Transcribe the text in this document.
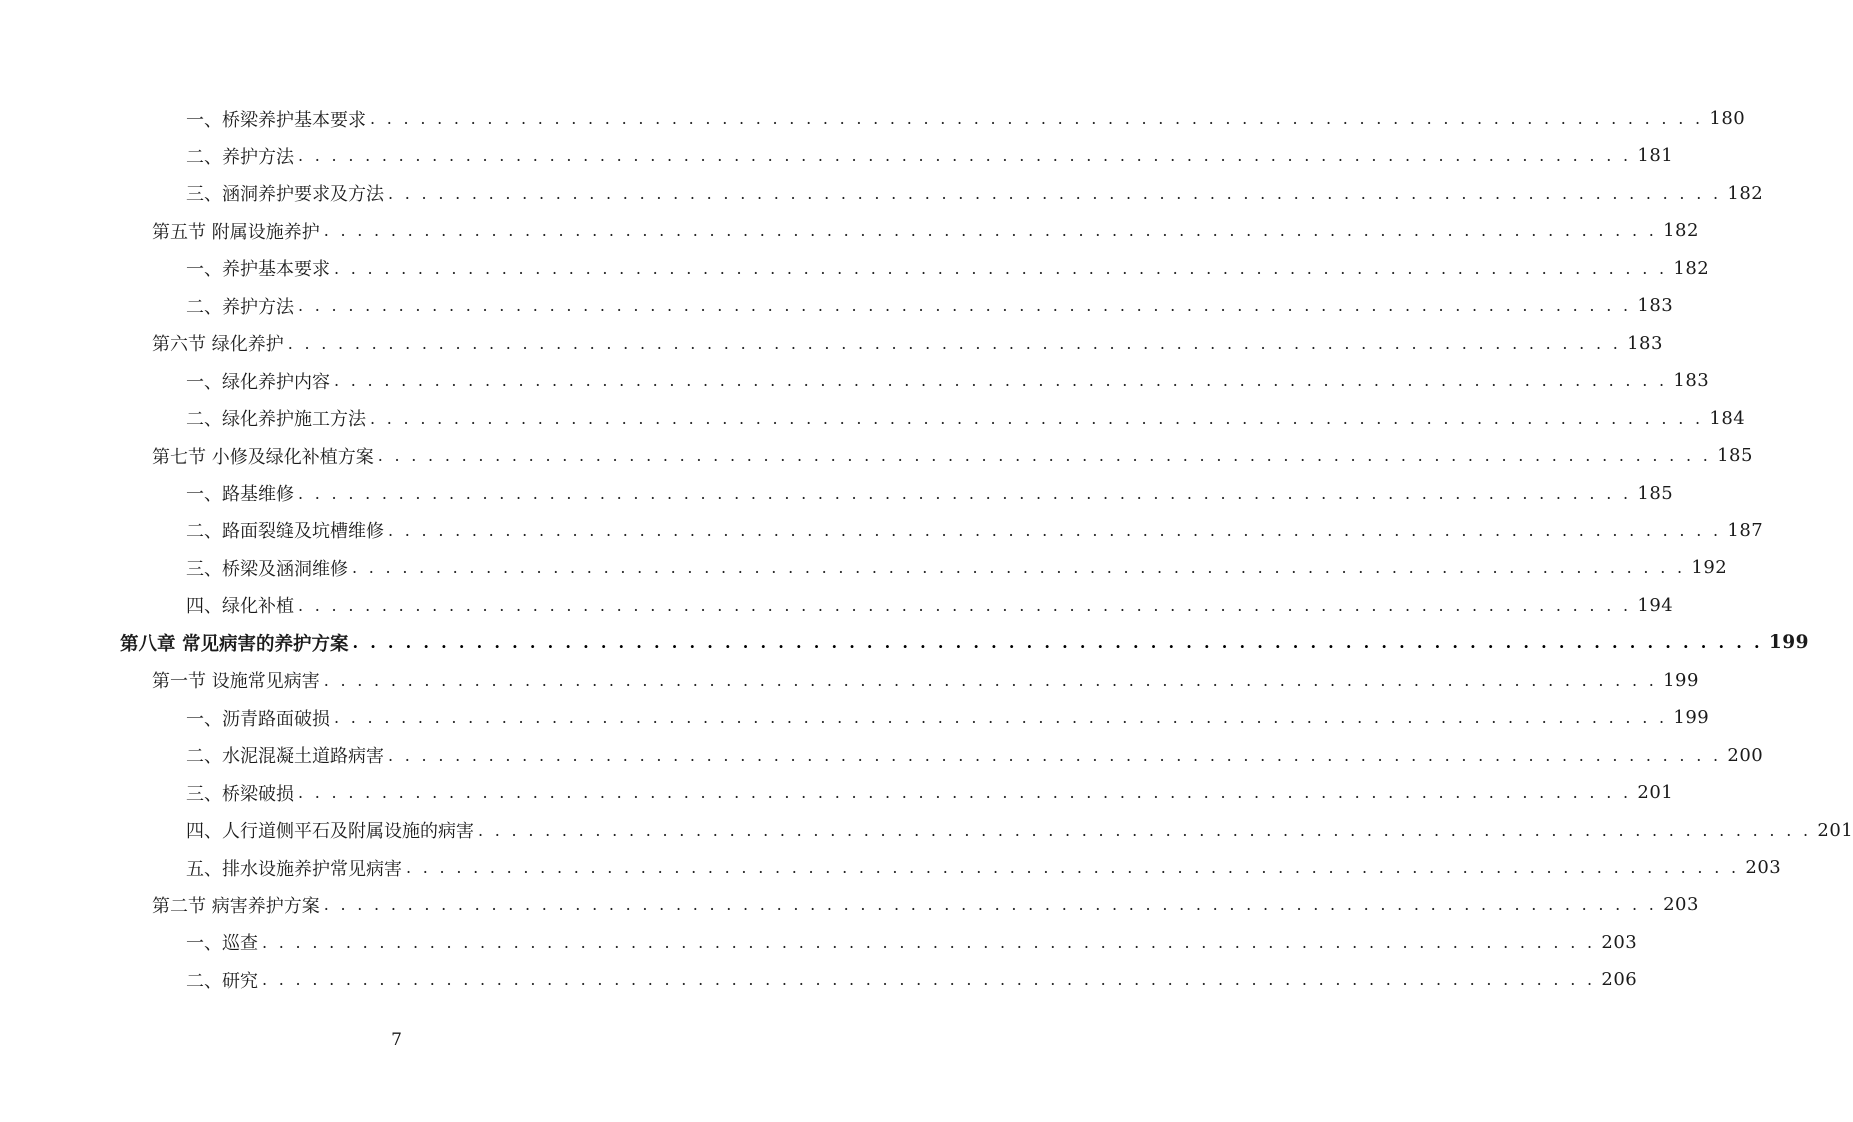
一、桥梁养护基本要求 . . . . . . . . . . . . . . . . . . . . . . . . . . . . . . . . . . . . . . . . . . . . . . . . . . . . . . . . . . . . . . . . . . . . . . . . . . . . . . . . 180
二、养护方法 . . . . . . . . . . . . . . . . . . . . . . . . . . . . . . . . . . . . . . . . . . . . . . . . . . . . . . . . . . . . . . . . . . . . . . . . . . . . . . . . 181
三、涵洞养护要求及方法 . . . . . . . . . . . . . . . . . . . . . . . . . . . . . . . . . . . . . . . . . . . . . . . . . . . . . . . . . . . . . . . . . . . . . . . . . . . . . . . . 182
第五节 附属设施养护 . . . . . . . . . . . . . . . . . . . . . . . . . . . . . . . . . . . . . . . . . . . . . . . . . . . . . . . . . . . . . . . . . . . . . . . . . . . . . . . . 182
一、养护基本要求 . . . . . . . . . . . . . . . . . . . . . . . . . . . . . . . . . . . . . . . . . . . . . . . . . . . . . . . . . . . . . . . . . . . . . . . . . . . . . . . . 182
二、养护方法 . . . . . . . . . . . . . . . . . . . . . . . . . . . . . . . . . . . . . . . . . . . . . . . . . . . . . . . . . . . . . . . . . . . . . . . . . . . . . . . . 183
第六节 绿化养护 . . . . . . . . . . . . . . . . . . . . . . . . . . . . . . . . . . . . . . . . . . . . . . . . . . . . . . . . . . . . . . . . . . . . . . . . . . . . . . . . 183
一、绿化养护内容 . . . . . . . . . . . . . . . . . . . . . . . . . . . . . . . . . . . . . . . . . . . . . . . . . . . . . . . . . . . . . . . . . . . . . . . . . . . . . . . . 183
二、绿化养护施工方法 . . . . . . . . . . . . . . . . . . . . . . . . . . . . . . . . . . . . . . . . . . . . . . . . . . . . . . . . . . . . . . . . . . . . . . . . . . . . . . . . 184
第七节 小修及绿化补植方案 . . . . . . . . . . . . . . . . . . . . . . . . . . . . . . . . . . . . . . . . . . . . . . . . . . . . . . . . . . . . . . . . . . . . . . . . . . . . . . . . 185
一、路基维修 . . . . . . . . . . . . . . . . . . . . . . . . . . . . . . . . . . . . . . . . . . . . . . . . . . . . . . . . . . . . . . . . . . . . . . . . . . . . . . . . 185
二、路面裂缝及坑槽维修 . . . . . . . . . . . . . . . . . . . . . . . . . . . . . . . . . . . . . . . . . . . . . . . . . . . . . . . . . . . . . . . . . . . . . . . . . . . . . . . . 187
三、桥梁及涵洞维修 . . . . . . . . . . . . . . . . . . . . . . . . . . . . . . . . . . . . . . . . . . . . . . . . . . . . . . . . . . . . . . . . . . . . . . . . . . . . . . . . 192
四、绿化补植 . . . . . . . . . . . . . . . . . . . . . . . . . . . . . . . . . . . . . . . . . . . . . . . . . . . . . . . . . . . . . . . . . . . . . . . . . . . . . . . . 194
第八章 常见病害的养护方案 . . . . . . . . . . . . . . . . . . . . . . . . . . . . . . . . . . . . . . . . . . . . . . . . . . . . . . . . . . . . . . . . . . . . . . . . . . . . . . . . 199
第一节 设施常见病害 . . . . . . . . . . . . . . . . . . . . . . . . . . . . . . . . . . . . . . . . . . . . . . . . . . . . . . . . . . . . . . . . . . . . . . . . . . . . . . . . 199
一、沥青路面破损 . . . . . . . . . . . . . . . . . . . . . . . . . . . . . . . . . . . . . . . . . . . . . . . . . . . . . . . . . . . . . . . . . . . . . . . . . . . . . . . . 199
二、水泥混凝土道路病害 . . . . . . . . . . . . . . . . . . . . . . . . . . . . . . . . . . . . . . . . . . . . . . . . . . . . . . . . . . . . . . . . . . . . . . . . . . . . . . . . 200
三、桥梁破损 . . . . . . . . . . . . . . . . . . . . . . . . . . . . . . . . . . . . . . . . . . . . . . . . . . . . . . . . . . . . . . . . . . . . . . . . . . . . . . . . 201
四、人行道侧平石及附属设施的病害 . . . . . . . . . . . . . . . . . . . . . . . . . . . . . . . . . . . . . . . . . . . . . . . . . . . . . . . . . . . . . . . . . . . . . . . . . . . . . . . . 201
五、排水设施养护常见病害 . . . . . . . . . . . . . . . . . . . . . . . . . . . . . . . . . . . . . . . . . . . . . . . . . . . . . . . . . . . . . . . . . . . . . . . . . . . . . . . . 203
第二节 病害养护方案 . . . . . . . . . . . . . . . . . . . . . . . . . . . . . . . . . . . . . . . . . . . . . . . . . . . . . . . . . . . . . . . . . . . . . . . . . . . . . . . . 203
一、巡查 . . . . . . . . . . . . . . . . . . . . . . . . . . . . . . . . . . . . . . . . . . . . . . . . . . . . . . . . . . . . . . . . . . . . . . . . . . . . . . . . 203
二、研究 . . . . . . . . . . . . . . . . . . . . . . . . . . . . . . . . . . . . . . . . . . . . . . . . . . . . . . . . . . . . . . . . . . . . . . . . . . . . . . . . 206
7
